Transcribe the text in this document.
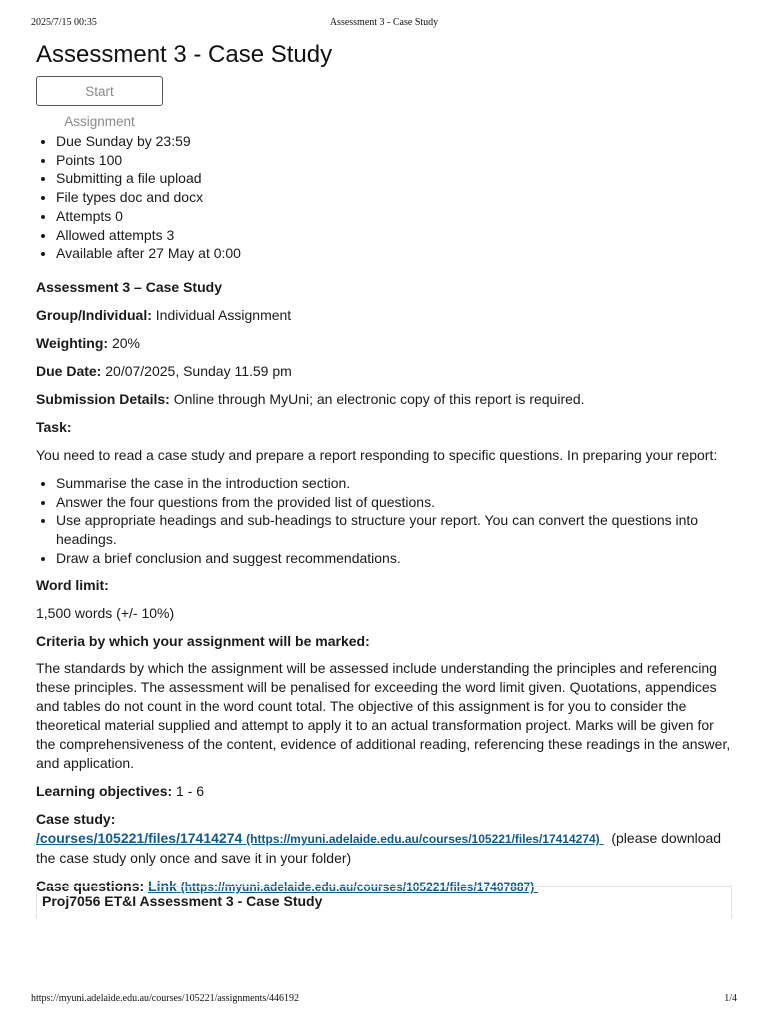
2025/7/15 00:35	Assessment 3 - Case Study
Assessment 3 - Case Study
Start Assignment
• Due Sunday by 23:59
• Points 100
• Submitting a file upload
• File types doc and docx
• Attempts 0
• Allowed attempts 3
• Available after 27 May at 0:00

Assessment 3 – Case Study

Group/Individual: Individual Assignment

Weighting: 20%

Due Date: 20/07/2025, Sunday 11.59 pm

Submission Details: Online through MyUni; an electronic copy of this report is required.

Task:

You need to read a case study and prepare a report responding to specific questions. In preparing your report:

• Summarise the case in the introduction section.
• Answer the four questions from the provided list of questions.
• Use appropriate headings and sub-headings to structure your report. You can convert the questions into headings.
• Draw a brief conclusion and suggest recommendations.

Word limit:

1,500 words (+/- 10%)

Criteria by which your assignment will be marked:

The standards by which the assignment will be assessed include understanding the principles and referencing these principles. The assessment will be penalised for exceeding the word limit given. Quotations, appendices and tables do not count in the word count total. The objective of this assignment is for you to consider the theoretical material supplied and attempt to apply it to an actual transformation project. Marks will be given for the comprehensiveness of the content, evidence of additional reading, referencing these readings in the answer, and application.

Learning objectives: 1 - 6

Case study:

/courses/105221/files/17414274 (https://myuni.adelaide.edu.au/courses/105221/files/17414274) (please download the case study only once and save it in your folder)

Case questions: Link (https://myuni.adelaide.edu.au/courses/105221/files/17407887)

Proj7056 ET&I Assessment 3 - Case Study
https://myuni.adelaide.edu.au/courses/105221/assignments/446192	1/4
